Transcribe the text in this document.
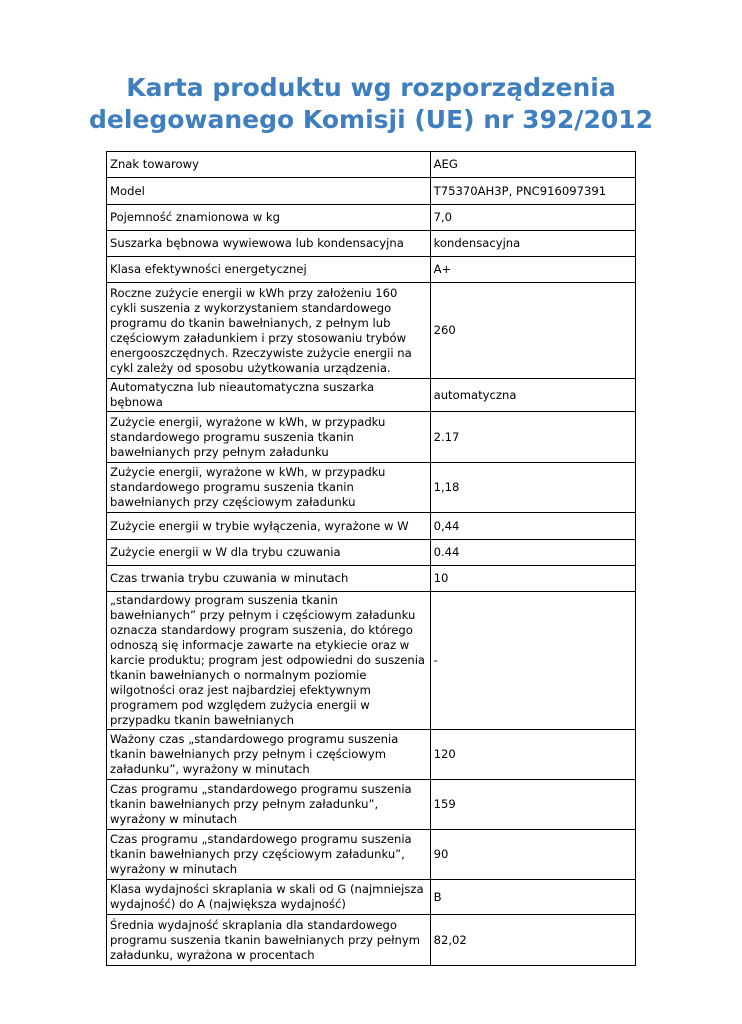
Karta produktu wg rozporządzenia
delegowanego Komisji (UE) nr 392/2012
Znak towarowy	AEG
Model	T75370AH3P, PNC916097391
Pojemność znamionowa w kg	7,0
Suszarka bębnowa wywiewowa lub kondensacyjna	kondensacyjna
Klasa efektywności energetycznej	A+
Roczne zużycie energii w kWh przy założeniu 160 cykli suszenia z wykorzystaniem standardowego programu do tkanin bawełnianych, z pełnym lub częściowym załadunkiem i przy stosowaniu trybów energooszczędnych. Rzeczywiste zużycie energii na cykl zależy od sposobu użytkowania urządzenia.	260
Automatyczna lub nieautomatyczna suszarka bębnowa	automatyczna
Zużycie energii, wyrażone w kWh, w przypadku standardowego programu suszenia tkanin bawełnianych przy pełnym załadunku	2.17
Zużycie energii, wyrażone w kWh, w przypadku standardowego programu suszenia tkanin bawełnianych przy częściowym załadunku	1,18
Zużycie energii w trybie wyłączenia, wyrażone w W	0,44
Zużycie energii w W dla trybu czuwania	0.44
Czas trwania trybu czuwania w minutach	10
„standardowy program suszenia tkanin bawełnianych” przy pełnym i częściowym załadunku oznacza standardowy program suszenia, do którego odnoszą się informacje zawarte na etykiecie oraz w karcie produktu; program jest odpowiedni do suszenia tkanin bawełnianych o normalnym poziomie wilgotności oraz jest najbardziej efektywnym programem pod względem zużycia energii w przypadku tkanin bawełnianych	-
Ważony czas „standardowego programu suszenia tkanin bawełnianych przy pełnym i częściowym załadunku”, wyrażony w minutach	120
Czas programu „standardowego programu suszenia tkanin bawełnianych przy pełnym załadunku”, wyrażony w minutach	159
Czas programu „standardowego programu suszenia tkanin bawełnianych przy częściowym załadunku”, wyrażony w minutach	90
Klasa wydajności skraplania w skali od G (najmniejsza wydajność) do A (największa wydajność)	B
Średnia wydajność skraplania dla standardowego programu suszenia tkanin bawełnianych przy pełnym załadunku, wyrażona w procentach	82,02
